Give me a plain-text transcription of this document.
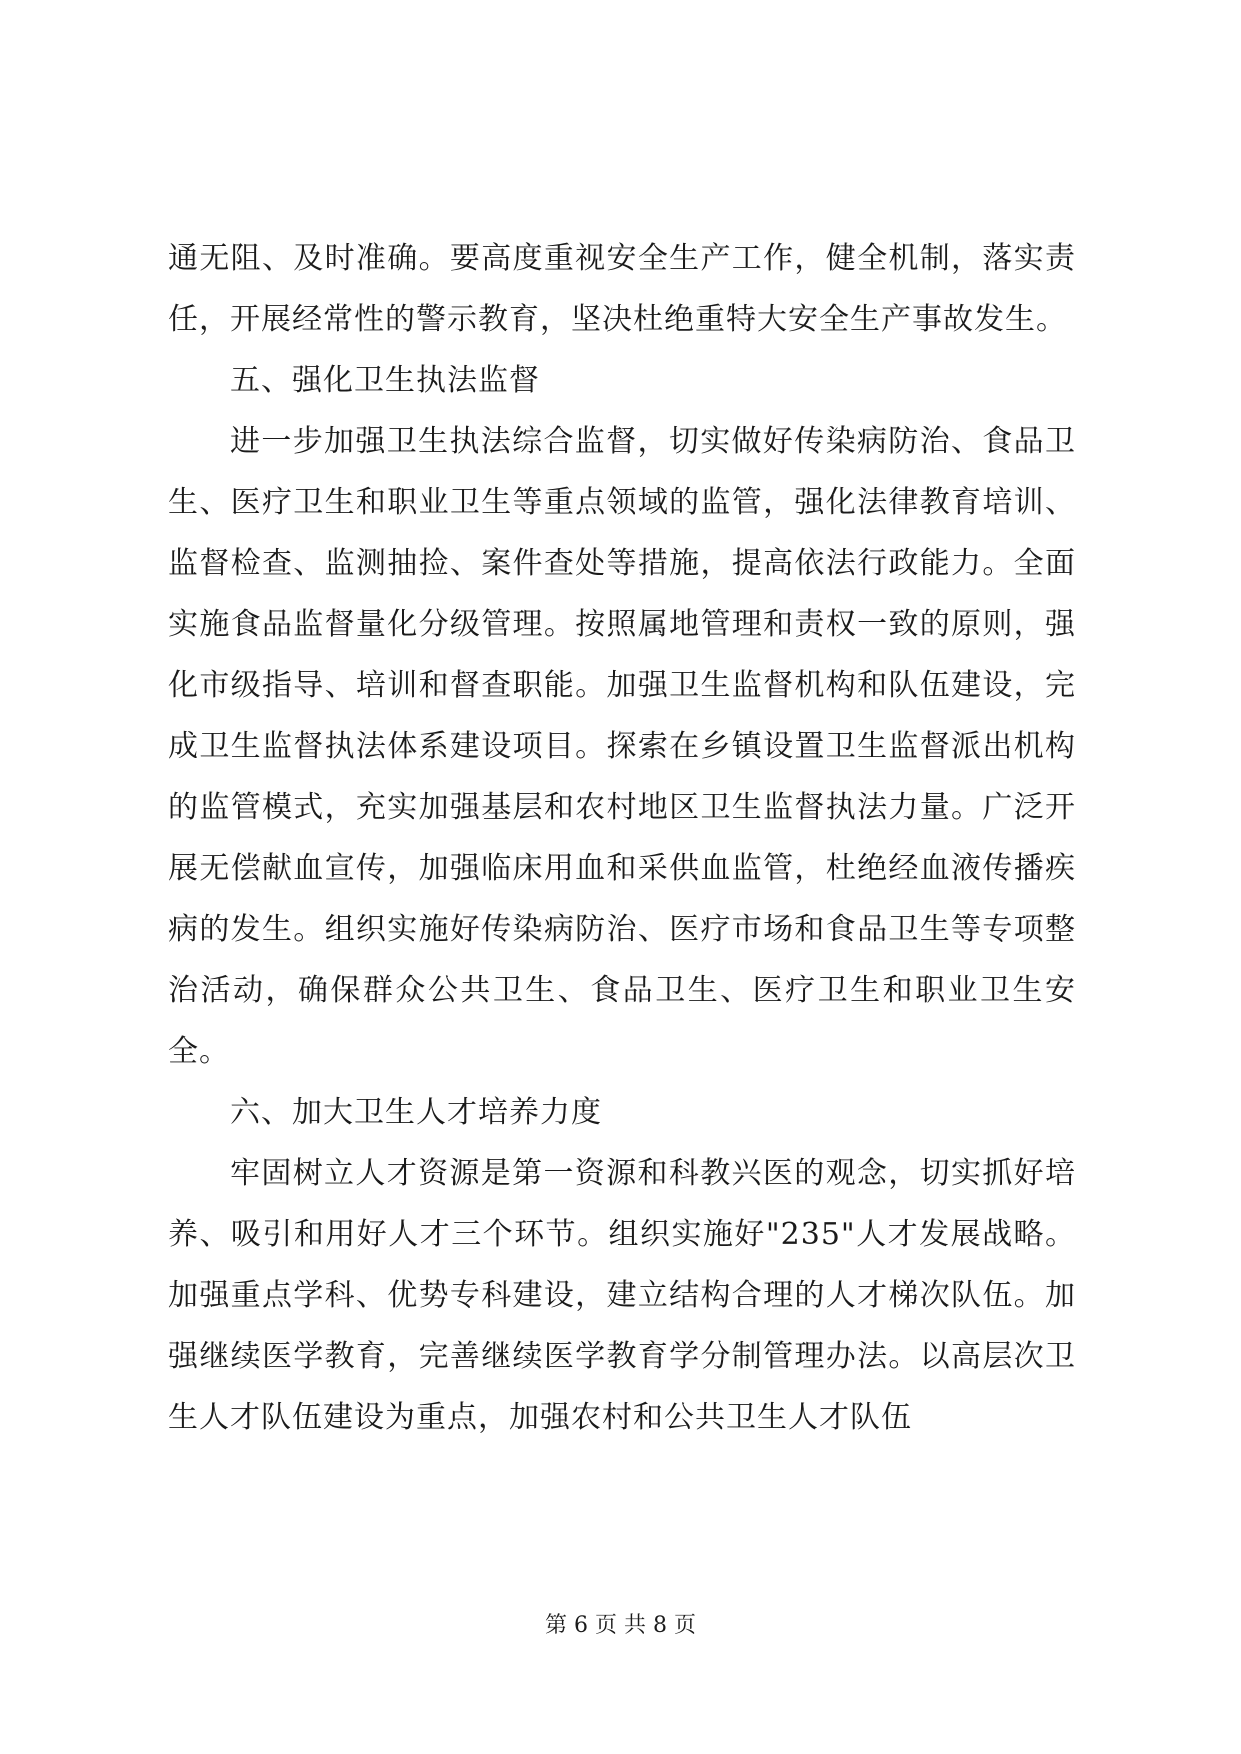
通无阻、及时准确。要高度重视安全生产工作，健全机制，落实责任，开展经常性的警示教育，坚决杜绝重特大安全生产事故发生。

五、强化卫生执法监督

进一步加强卫生执法综合监督，切实做好传染病防治、食品卫生、医疗卫生和职业卫生等重点领域的监管，强化法律教育培训、监督检查、监测抽捡、案件查处等措施，提高依法行政能力。全面实施食品监督量化分级管理。按照属地管理和责权一致的原则，强化市级指导、培训和督查职能。加强卫生监督机构和队伍建设，完成卫生监督执法体系建设项目。探索在乡镇设置卫生监督派出机构的监管模式，充实加强基层和农村地区卫生监督执法力量。广泛开展无偿献血宣传，加强临床用血和采供血监管，杜绝经血液传播疾病的发生。组织实施好传染病防治、医疗市场和食品卫生等专项整治活动，确保群众公共卫生、食品卫生、医疗卫生和职业卫生安全。

六、加大卫生人才培养力度

牢固树立人才资源是第一资源和科教兴医的观念，切实抓好培养、吸引和用好人才三个环节。组织实施好"235"人才发展战略。加强重点学科、优势专科建设，建立结构合理的人才梯次队伍。加强继续医学教育，完善继续医学教育学分制管理办法。以高层次卫生人才队伍建设为重点，加强农村和公共卫生人才队伍

第 6 页 共 8 页
